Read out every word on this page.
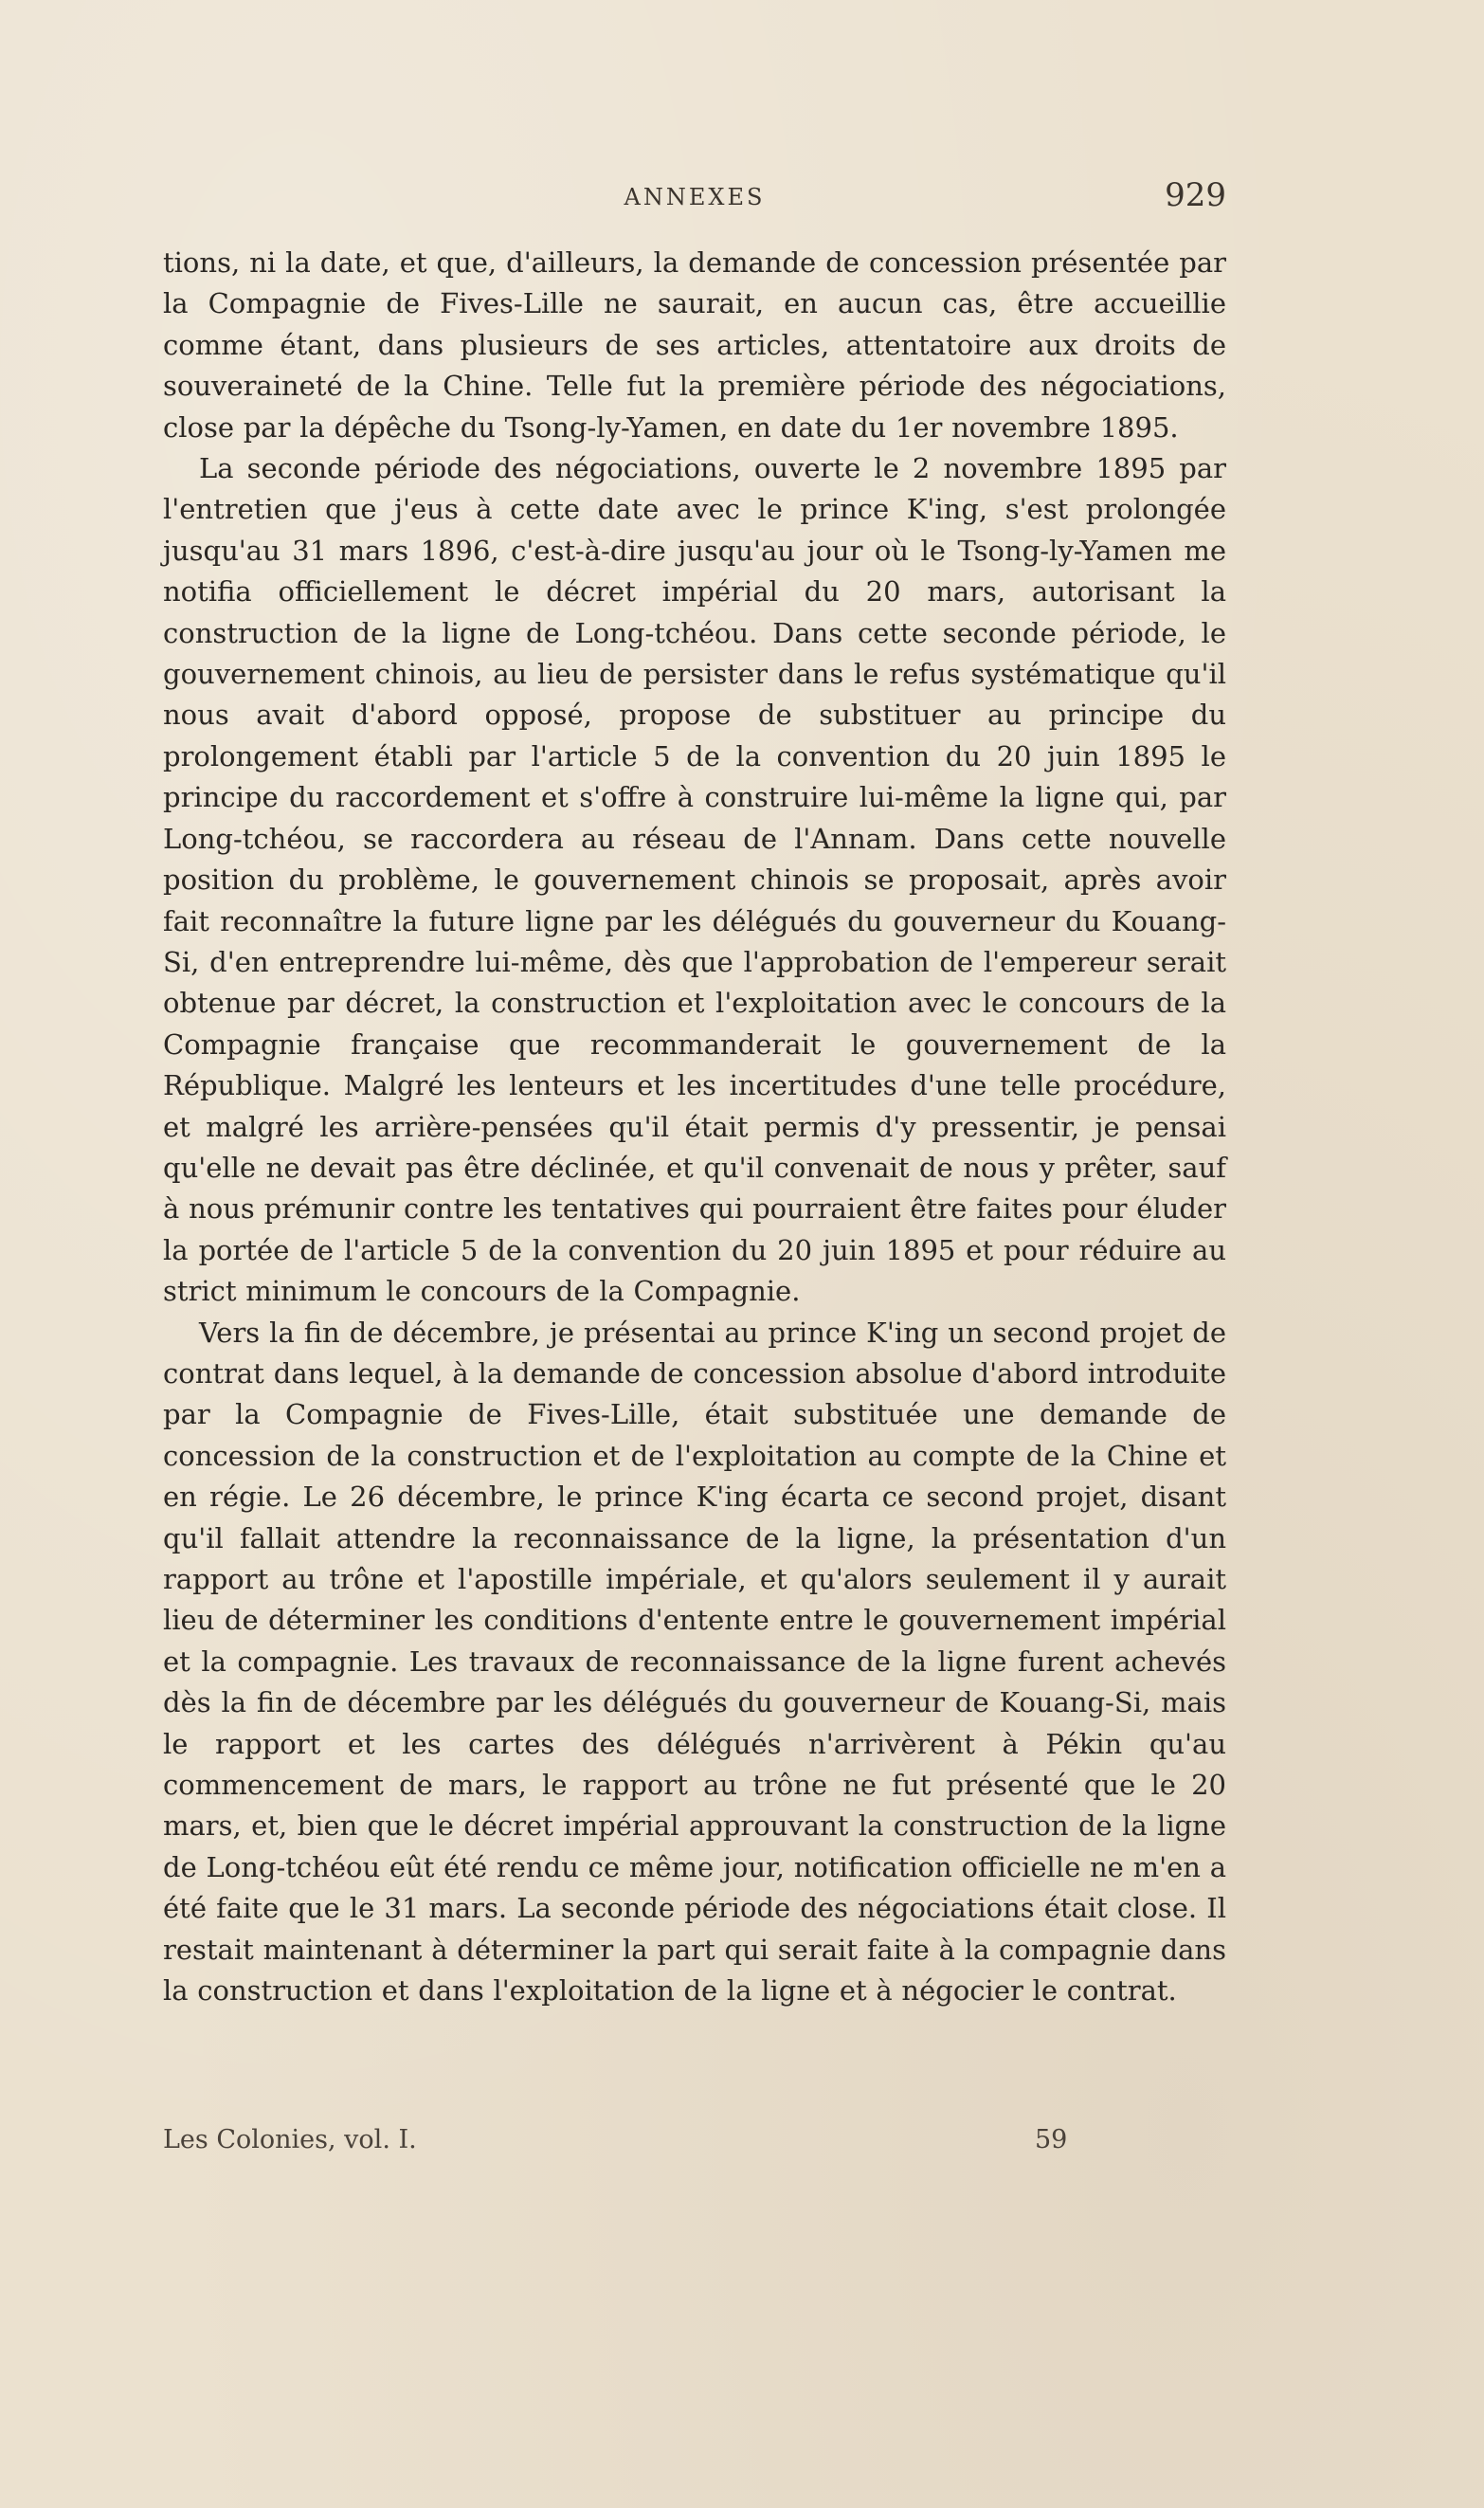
ANNEXES	929

tions, ni la date, et que, d'ailleurs, la demande de concession présentée par la Compagnie de Fives-Lille ne saurait, en aucun cas, être accueillie comme étant, dans plusieurs de ses articles, attentatoire aux droits de souveraineté de la Chine. Telle fut la première période des négociations, close par la dépêche du Tsong-ly-Yamen, en date du 1er novembre 1895.

La seconde période des négociations, ouverte le 2 novembre 1895 par l'entretien que j'eus à cette date avec le prince K'ing, s'est prolongée jusqu'au 31 mars 1896, c'est-à-dire jusqu'au jour où le Tsong-ly-Yamen me notifia officiellement le décret impérial du 20 mars, autorisant la construction de la ligne de Long-tchéou. Dans cette seconde période, le gouvernement chinois, au lieu de persister dans le refus systématique qu'il nous avait d'abord opposé, propose de substituer au principe du prolongement établi par l'article 5 de la convention du 20 juin 1895 le principe du raccordement et s'offre à construire lui-même la ligne qui, par Long-tchéou, se raccordera au réseau de l'Annam. Dans cette nouvelle position du problème, le gouvernement chinois se proposait, après avoir fait reconnaître la future ligne par les délégués du gouverneur du Kouang-Si, d'en entreprendre lui-même, dès que l'approbation de l'empereur serait obtenue par décret, la construction et l'exploitation avec le concours de la Compagnie française que recommanderait le gouvernement de la République. Malgré les lenteurs et les incertitudes d'une telle procédure, et malgré les arrière-pensées qu'il était permis d'y pressentir, je pensai qu'elle ne devait pas être déclinée, et qu'il convenait de nous y prêter, sauf à nous prémunir contre les tentatives qui pourraient être faites pour éluder la portée de l'article 5 de la convention du 20 juin 1895 et pour réduire au strict minimum le concours de la Compagnie.

Vers la fin de décembre, je présentai au prince K'ing un second projet de contrat dans lequel, à la demande de concession absolue d'abord introduite par la Compagnie de Fives-Lille, était substituée une demande de concession de la construction et de l'exploitation au compte de la Chine et en régie. Le 26 décembre, le prince K'ing écarta ce second projet, disant qu'il fallait attendre la reconnaissance de la ligne, la présentation d'un rapport au trône et l'apostille impériale, et qu'alors seulement il y aurait lieu de déterminer les conditions d'entente entre le gouvernement impérial et la compagnie. Les travaux de reconnaissance de la ligne furent achevés dès la fin de décembre par les délégués du gouverneur de Kouang-Si, mais le rapport et les cartes des délégués n'arrivèrent à Pékin qu'au commencement de mars, le rapport au trône ne fut présenté que le 20 mars, et, bien que le décret impérial approuvant la construction de la ligne de Long-tchéou eût été rendu ce même jour, notification officielle ne m'en a été faite que le 31 mars. La seconde période des négociations était close. Il restait maintenant à déterminer la part qui serait faite à la compagnie dans la construction et dans l'exploitation de la ligne et à négocier le contrat.

Les Colonies, vol. I.	59
